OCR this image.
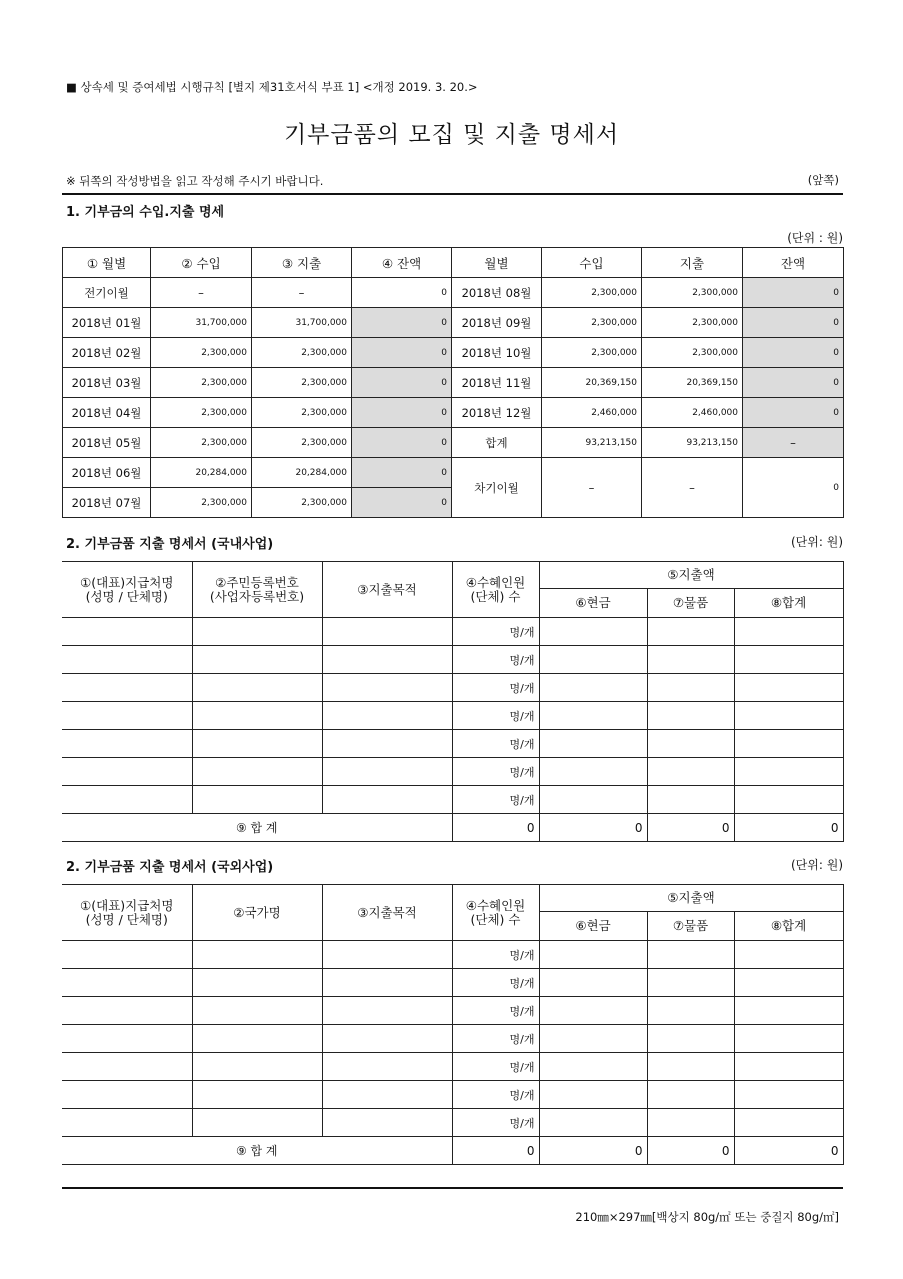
■ 상속세 및 증여세법 시행규칙 [별지 제31호서식 부표 1] <개정 2019. 3. 20.>
기부금품의 모집 및 지출 명세서
※ 뒤쪽의 작성방법을 읽고 작성해 주시기 바랍니다.	(앞쪽)
1. 기부금의 수입.지출 명세
(단위 : 원)
① 월별	② 수입	③ 지출	④ 잔액	월별	수입	지출	잔액
전기이월	–	–	0	2018년 08월	2,300,000	2,300,000	0
2018년 01월	31,700,000	31,700,000	0	2018년 09월	2,300,000	2,300,000	0
2018년 02월	2,300,000	2,300,000	0	2018년 10월	2,300,000	2,300,000	0
2018년 03월	2,300,000	2,300,000	0	2018년 11월	20,369,150	20,369,150	0
2018년 04월	2,300,000	2,300,000	0	2018년 12월	2,460,000	2,460,000	0
2018년 05월	2,300,000	2,300,000	0	합계	93,213,150	93,213,150	–
2018년 06월	20,284,000	20,284,000	0	차기이월	–	–	0
2018년 07월	2,300,000	2,300,000	0				
2. 기부금품 지출 명세서 (국내사업)	(단위: 원)
①(대표)지급처명
(성명 / 단체명)	②주민등록번호
(사업자등록번호)	③지출목적	④수혜인원
(단체) 수	⑤지출액		
				⑥현금	⑦물품	⑧합계
			명/개			
			명/개			
			명/개			
			명/개			
			명/개			
			명/개			
			명/개			
⑨ 합 계			0	0	0	0
2. 기부금품 지출 명세서 (국외사업)	(단위: 원)
①(대표)지급처명
(성명 / 단체명)	②국가명	③지출목적	④수혜인원
(단체) 수	⑤지출액		
				⑥현금	⑦물품	⑧합계
			명/개			
			명/개			
			명/개			
			명/개			
			명/개			
			명/개			
			명/개			
⑨ 합 계			0	0	0	0
210㎜×297㎜[백상지 80g/㎡ 또는 중질지 80g/㎡]
